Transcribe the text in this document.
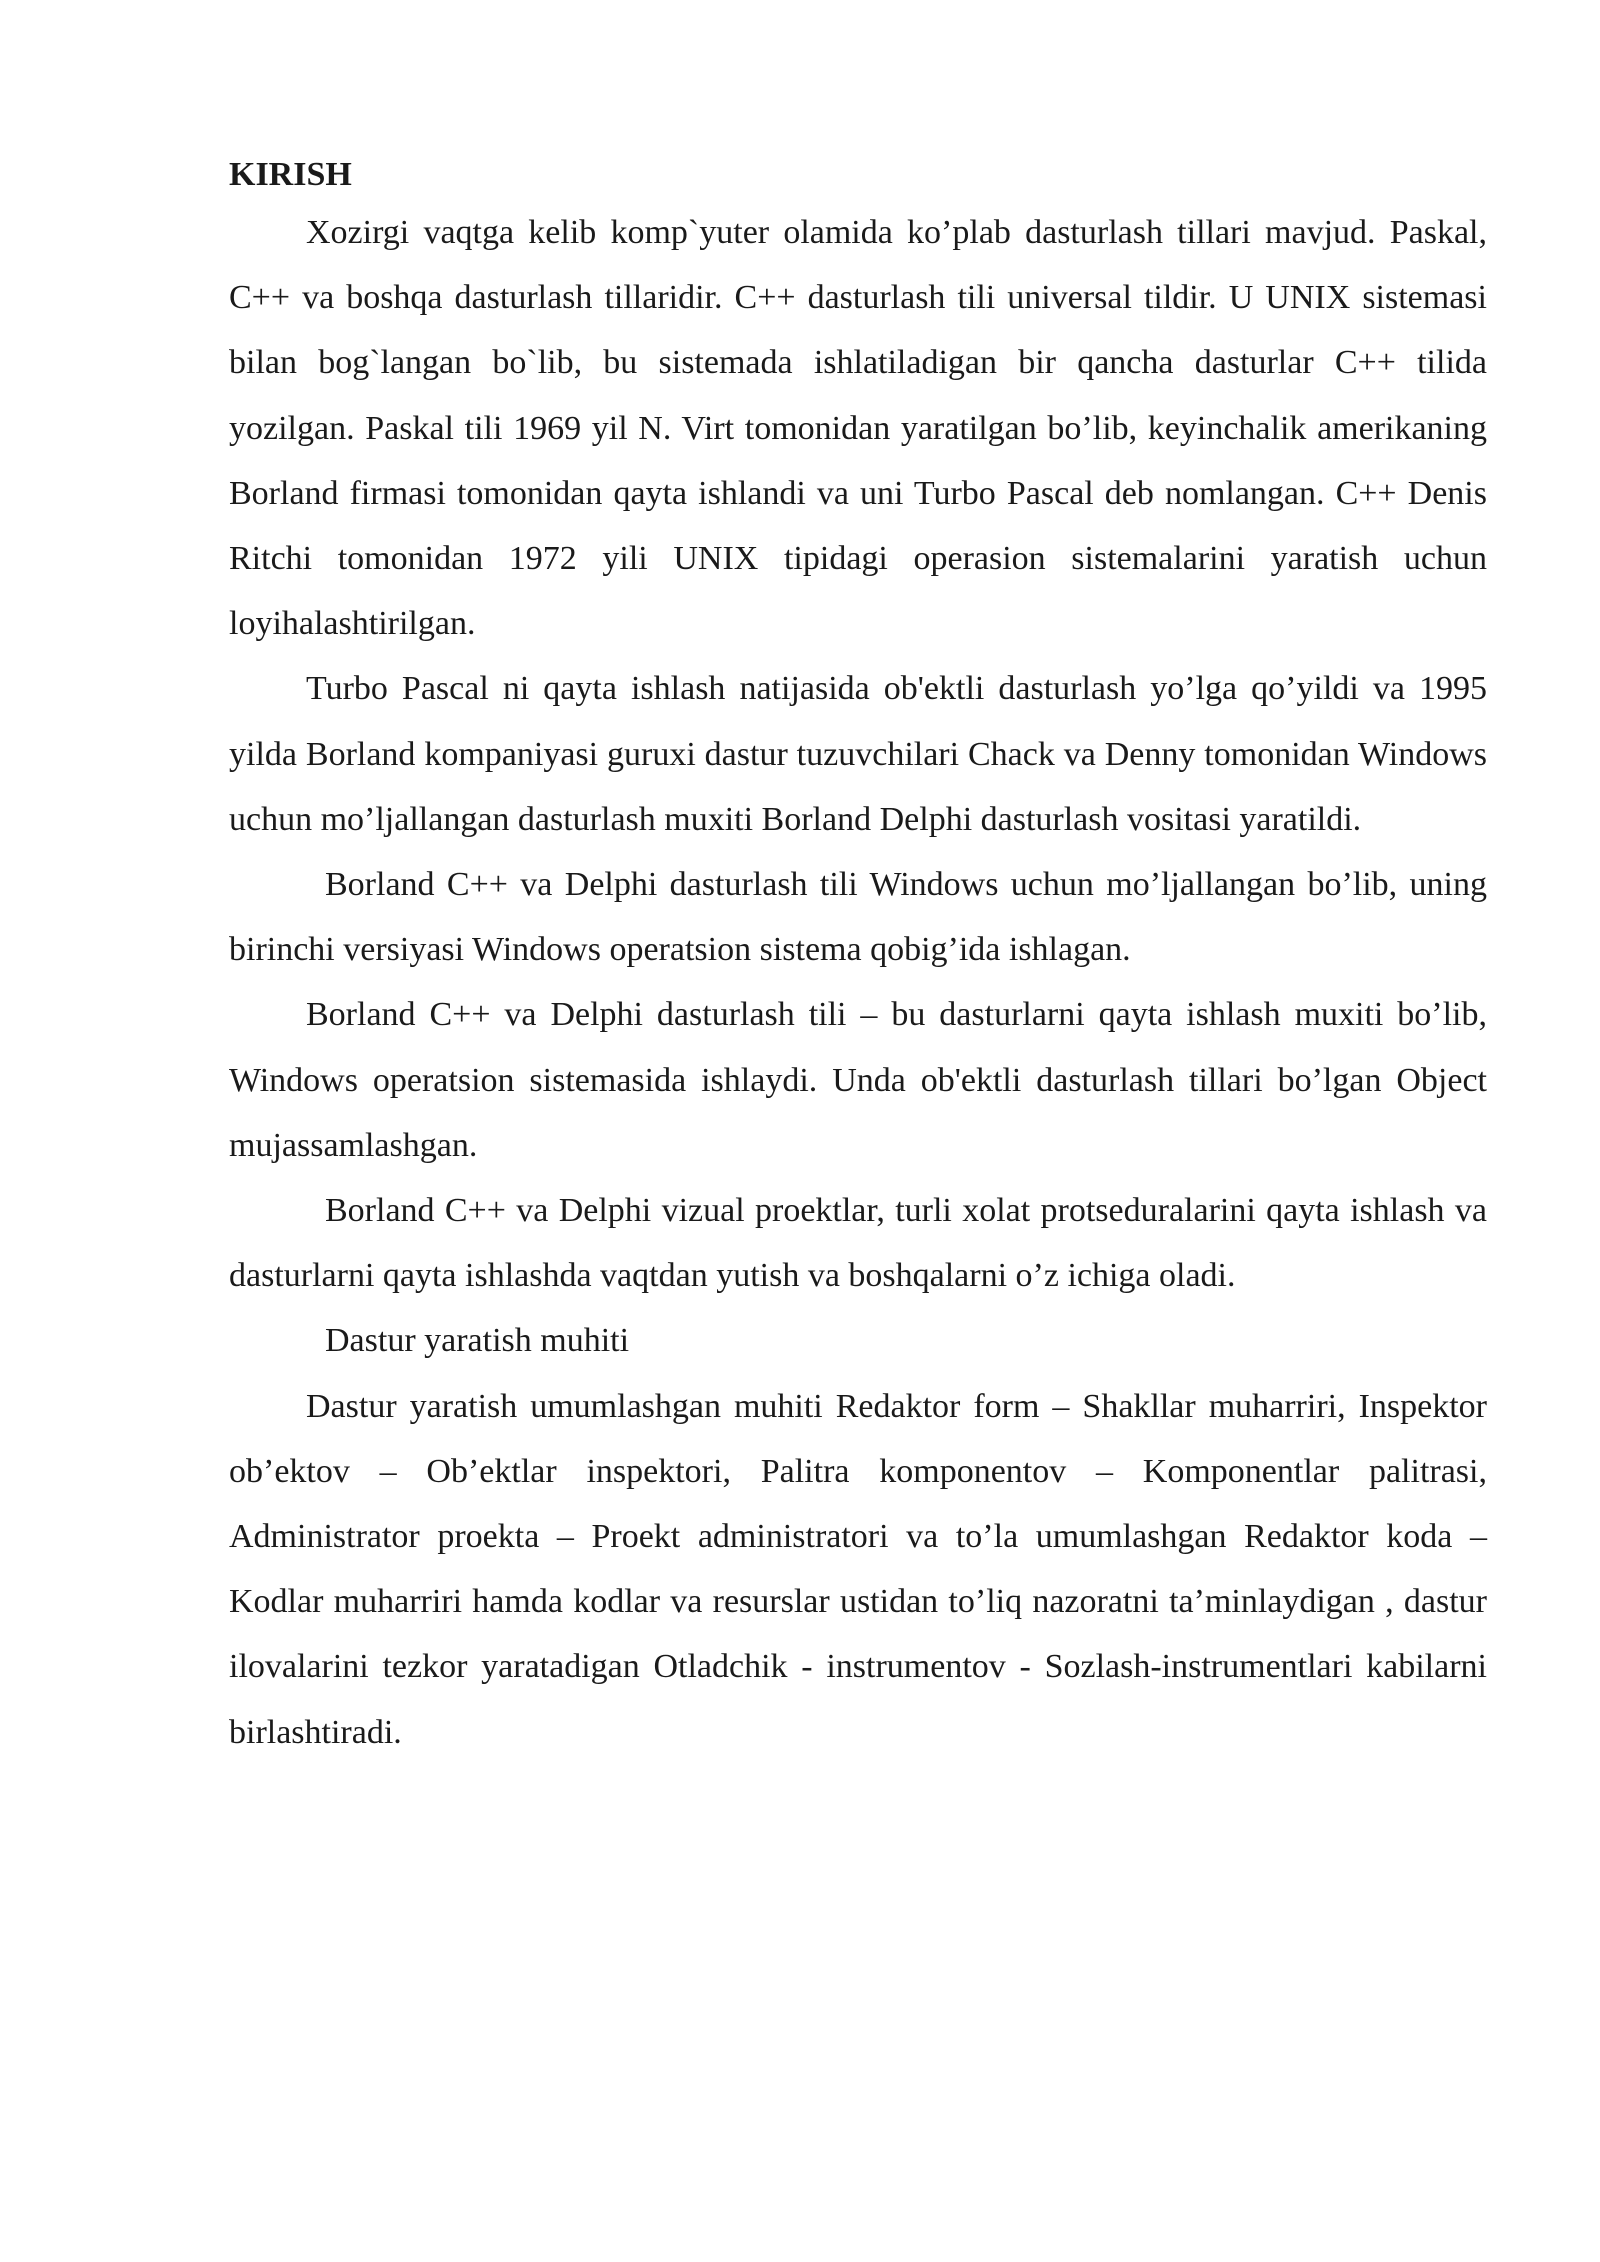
KIRISH

Xozirgi vaqtga kelib komp`yuter olamida ko’plab dasturlash tillari mavjud. Paskal, C++ va boshqa dasturlash tillaridir. C++ dasturlash tili universal tildir. U UNIX sistemasi bilan bog`langan bo`lib, bu sistemada ishlatiladigan bir qancha dasturlar C++ tilida yozilgan. Paskal tili 1969 yil N. Virt tomonidan yaratilgan bo’lib, keyinchalik amerikaning Borland firmasi tomonidan qayta ishlandi va uni Turbo Pascal deb nomlangan. C++ Denis Ritchi tomonidan 1972 yili UNIX tipidagi operasion sistemalarini yaratish uchun loyihalashtirilgan.

Turbo Pascal ni qayta ishlash natijasida ob'ektli dasturlash yo’lga qo’yildi va 1995 yilda Borland kompaniyasi guruxi dastur tuzuvchilari Chack va Denny tomonidan Windows uchun mo’ljallangan dasturlash muxiti Borland Delphi dasturlash vositasi yaratildi.

Borland C++ va Delphi dasturlash tili Windows uchun mo’ljallangan bo’lib, uning birinchi versiyasi Windows operatsion sistema qobig’ida ishlagan.

Borland C++ va Delphi dasturlash tili – bu dasturlarni qayta ishlash muxiti bo’lib, Windows operatsion sistemasida ishlaydi. Unda ob'ektli dasturlash tillari bo’lgan Object mujassamlashgan.

Borland C++ va Delphi vizual proektlar, turli xolat protseduralarini qayta ishlash va dasturlarni qayta ishlashda vaqtdan yutish va boshqalarni o’z ichiga oladi.

Dastur yaratish muhiti

Dastur yaratish umumlashgan muhiti Redaktor form – Shakllar muharriri, Inspektor ob’ektov – Ob’ektlar inspektori, Palitra komponentov – Komponentlar palitrasi, Administrator proekta – Proekt administratori va to’la umumlashgan Redaktor koda – Kodlar muharriri hamda kodlar va resurslar ustidan to’liq nazoratni ta’minlaydigan , dastur ilovalarini tezkor yaratadigan Otladchik - instrumentov - Sozlash-instrumentlari kabilarni birlashtiradi.
